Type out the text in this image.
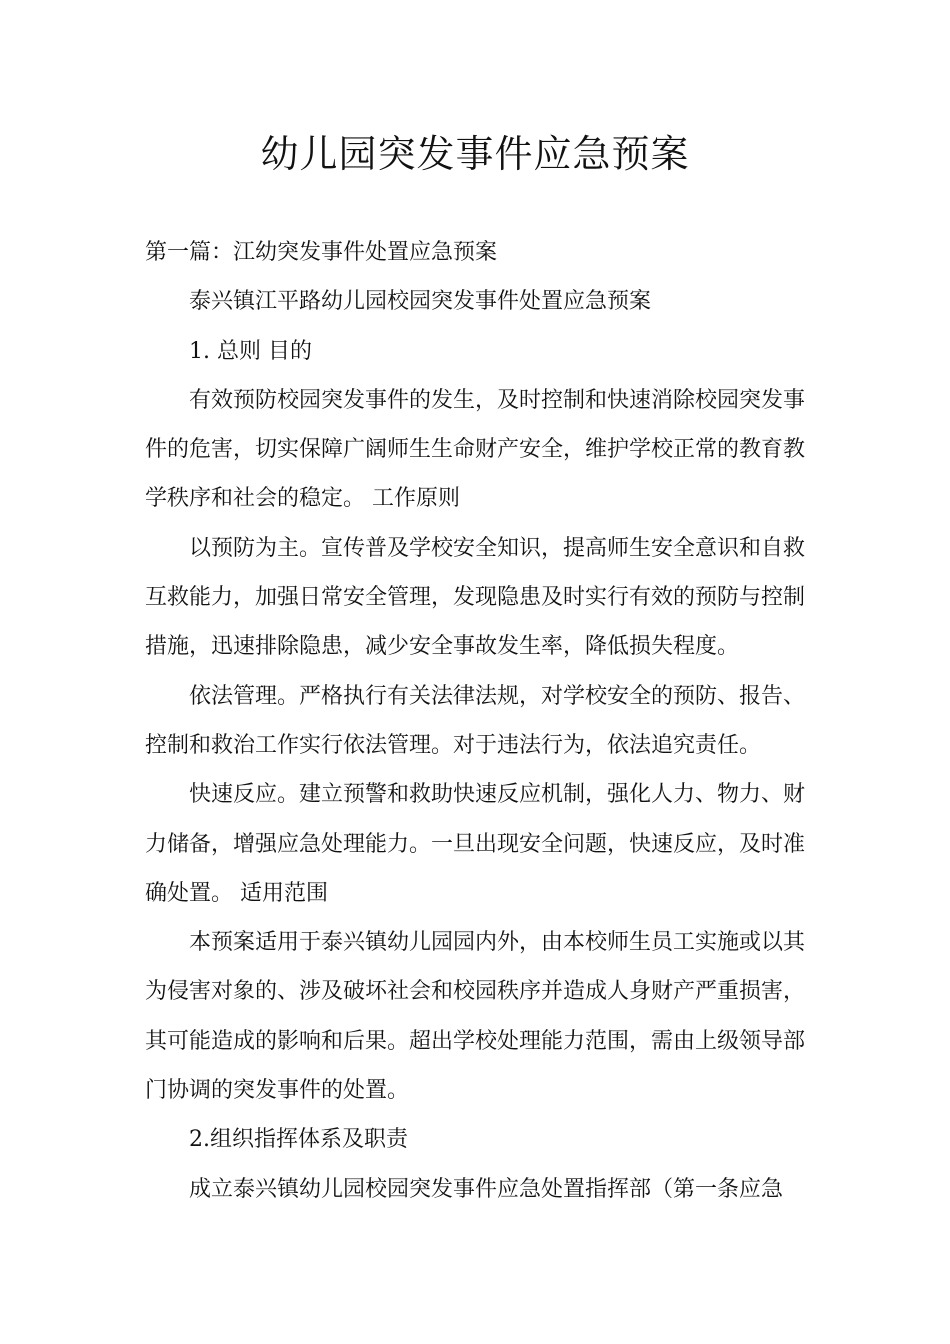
幼儿园突发事件应急预案

第一篇：江幼突发事件处置应急预案

泰兴镇江平路幼儿园校园突发事件处置应急预案

1. 总则 目的

有效预防校园突发事件的发生，及时控制和快速消除校园突发事件的危害，切实保障广阔师生生命财产安全，维护学校正常的教育教学秩序和社会的稳定。 工作原则

以预防为主。宣传普及学校安全知识，提高师生安全意识和自救互救能力，加强日常安全管理，发现隐患及时实行有效的预防与控制措施，迅速排除隐患，减少安全事故发生率，降低损失程度。

依法管理。严格执行有关法律法规，对学校安全的预防、报告、控制和救治工作实行依法管理。对于违法行为，依法追究责任。

快速反应。建立预警和救助快速反应机制，强化人力、物力、财力储备，增强应急处理能力。一旦出现安全问题，快速反应，及时准确处置。 适用范围

本预案适用于泰兴镇幼儿园园内外，由本校师生员工实施或以其为侵害对象的、涉及破坏社会和校园秩序并造成人身财产严重损害，其可能造成的影响和后果。超出学校处理能力范围，需由上级领导部门协调的突发事件的处置。

2.组织指挥体系及职责

成立泰兴镇幼儿园校园突发事件应急处置指挥部（第一条应急
